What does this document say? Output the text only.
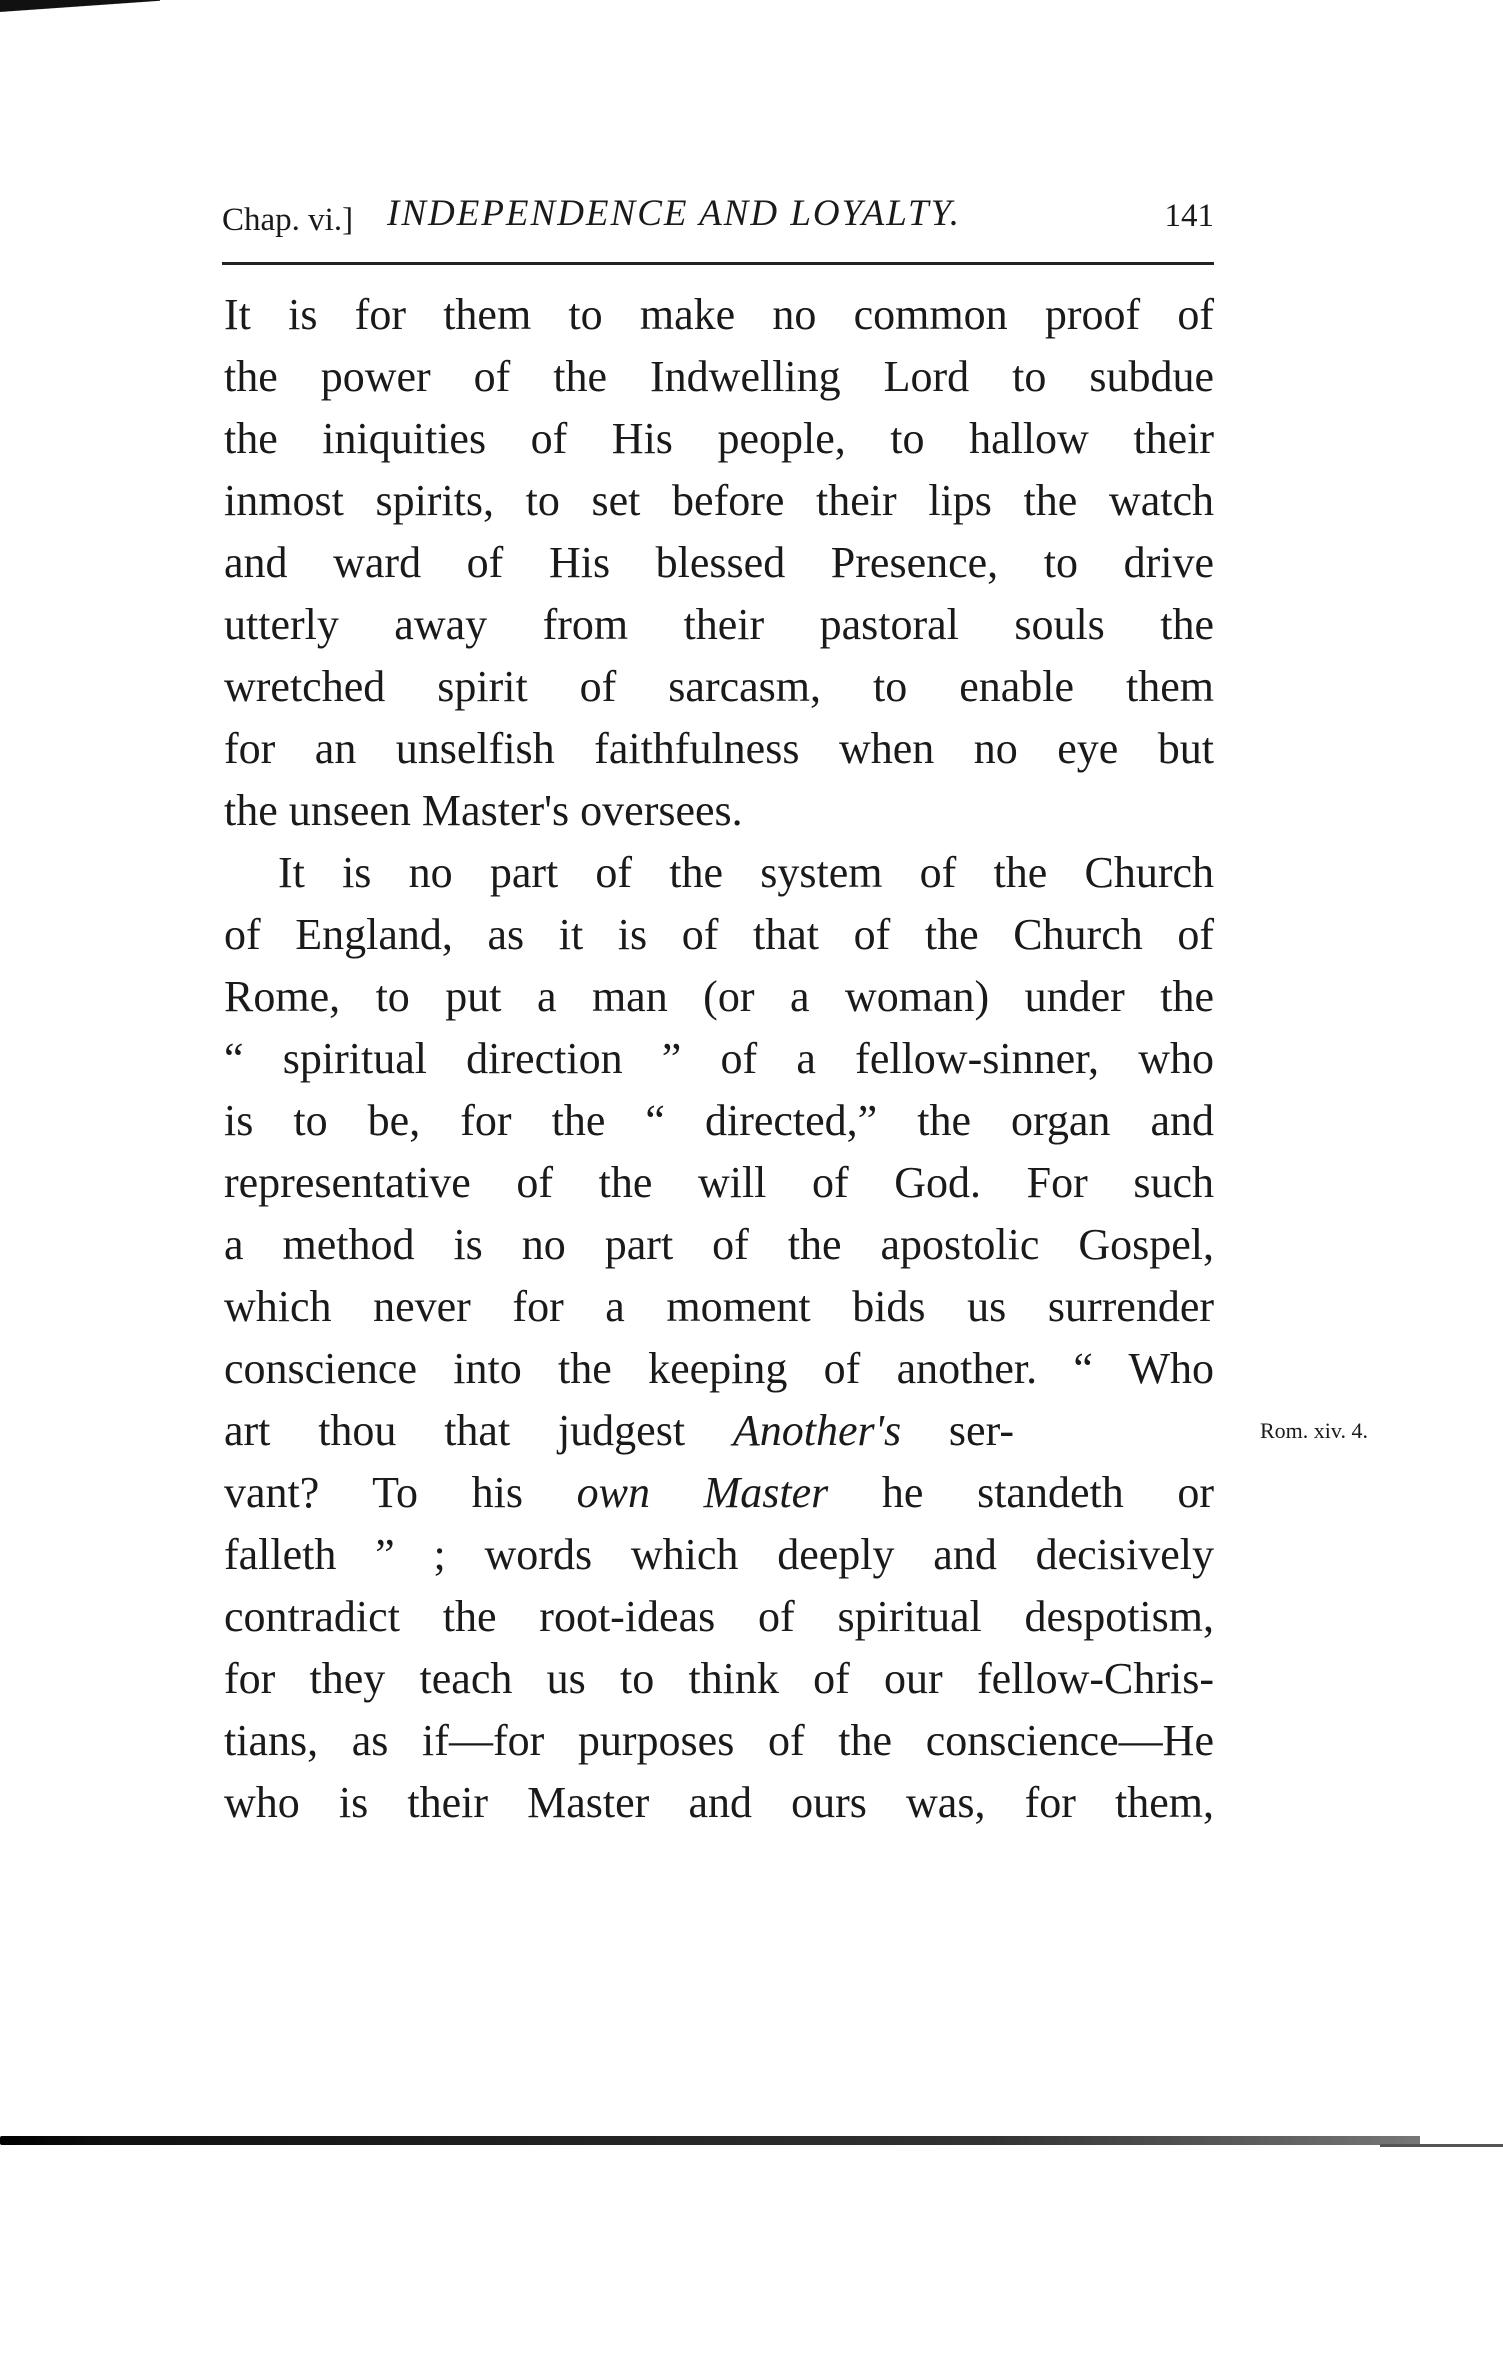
Chap. vi.] INDEPENDENCE AND LOYALTY.	141
It is for them to make no common proof of
the power of the Indwelling Lord to subdue
the iniquities of His people, to hallow their
inmost spirits, to set before their lips the watch
and ward of His blessed Presence, to drive
utterly away from their pastoral souls the
wretched spirit of sarcasm, to enable them
for an unselfish faithfulness when no eye but
the unseen Master's oversees.
It is no part of the system of the Church
of England, as it is of that of the Church of
Rome, to put a man (or a woman) under the
“ spiritual direction ” of a fellow-sinner, who
is to be, for the “ directed,” the organ and
representative of the will of God. For such
a method is no part of the apostolic Gospel,
which never for a moment bids us surrender
conscience into the keeping of another. “ Who
art thou that judgest Another's ser-	Rom. xiv. 4.
vant? To his own Master he standeth or
falleth ” ; words which deeply and decisively
contradict the root-ideas of spiritual despotism,
for they teach us to think of our fellow-Chris-
tians, as if—for purposes of the conscience—He
who is their Master and ours was, for them,
